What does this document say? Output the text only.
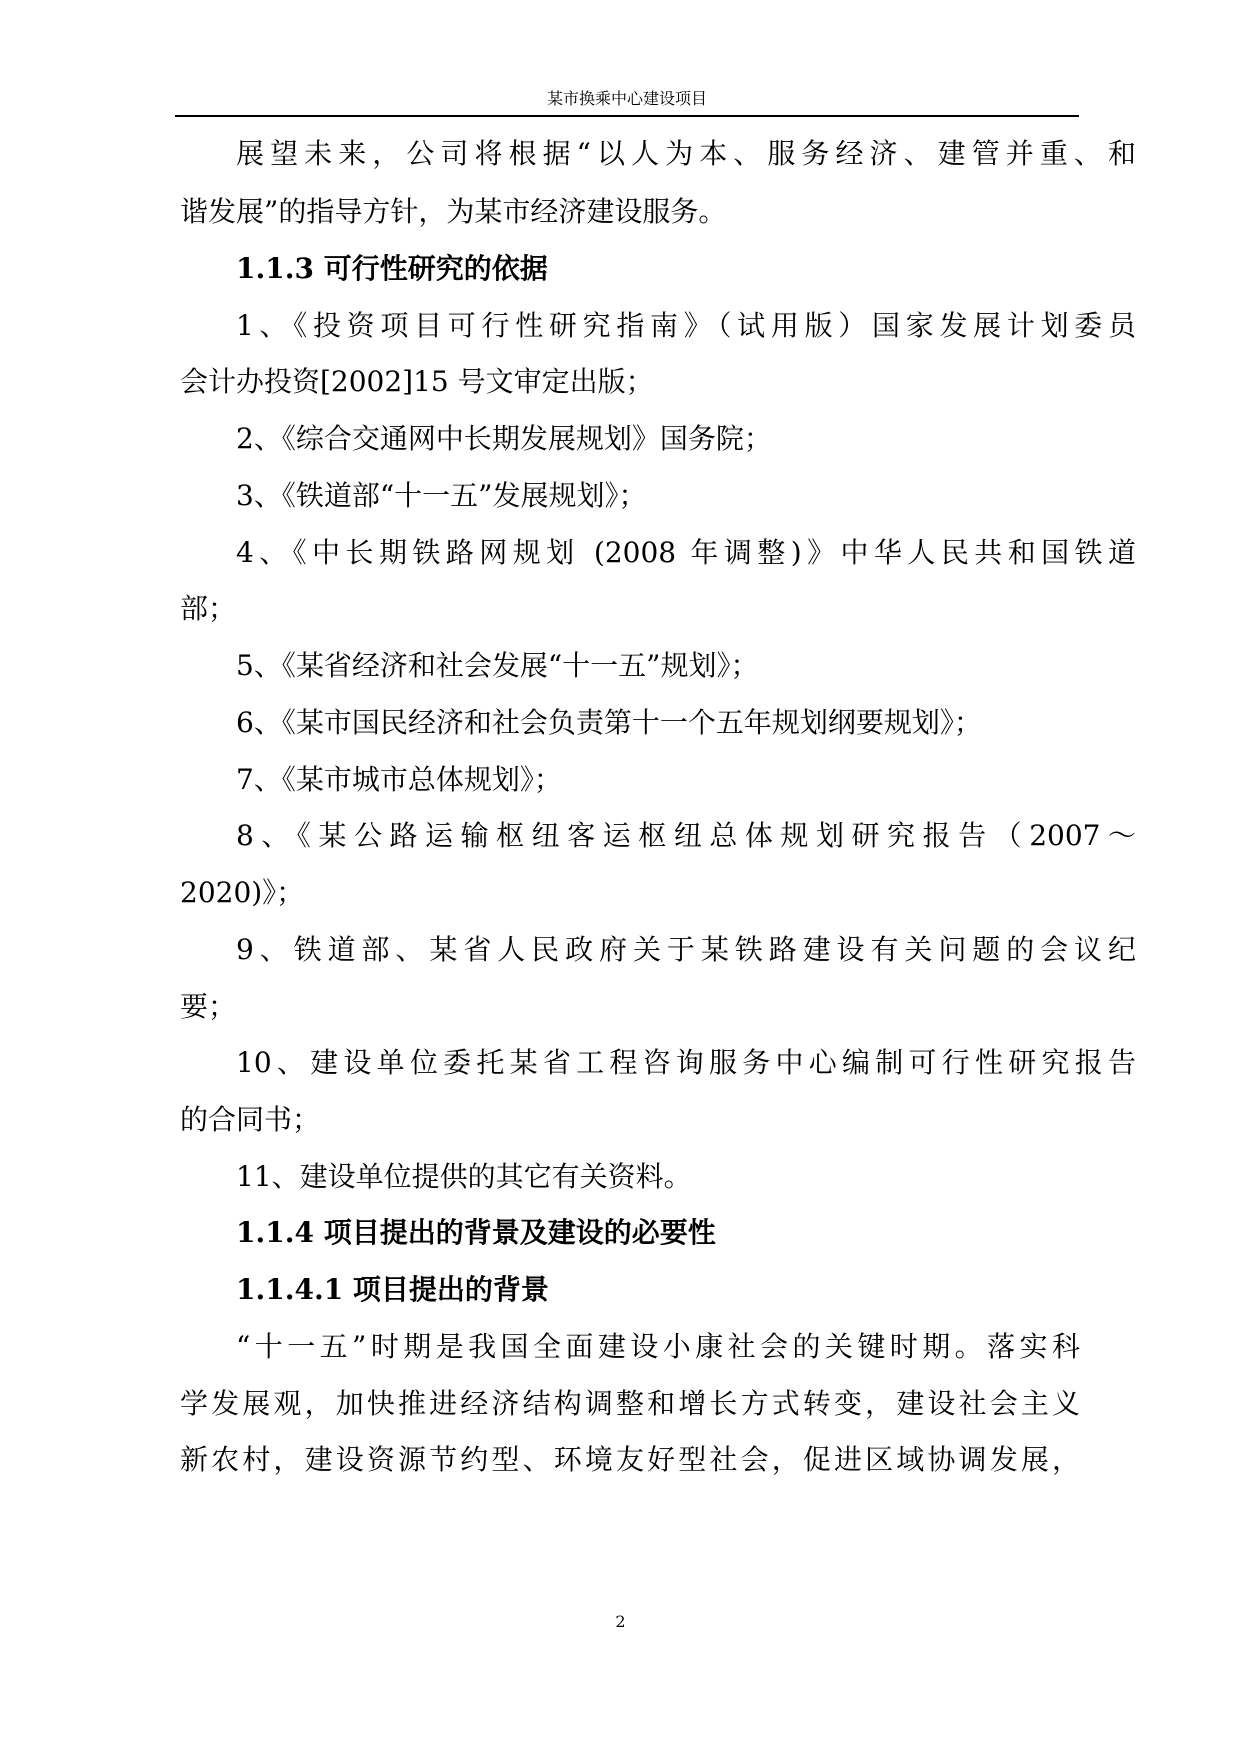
某市换乘中心建设项目
展望未来，公司将根据“以人为本、服务经济、建管并重、和
谐发展”的指导方针，为某市经济建设服务。
1.1.3 可行性研究的依据
1、《投资项目可行性研究指南》（试用版）国家发展计划委员
会计办投资[2002]15 号文审定出版；
2、《综合交通网中长期发展规划》国务院；
3、《铁道部“十一五”发展规划》；
4、《中长期铁路网规划 (2008 年调整)》中华人民共和国铁道
部；
5、《某省经济和社会发展“十一五”规划》；
6、《某市国民经济和社会负责第十一个五年规划纲要规划》；
7、《某市城市总体规划》；
8、《某公路运输枢纽客运枢纽总体规划研究报告（2007～
2020)》；
9、铁道部、某省人民政府关于某铁路建设有关问题的会议纪
要；
10、建设单位委托某省工程咨询服务中心编制可行性研究报告
的合同书；
11、建设单位提供的其它有关资料。
1.1.4 项目提出的背景及建设的必要性
1.1.4.1 项目提出的背景
“十一五”时期是我国全面建设小康社会的关键时期。落实科
学发展观，加快推进经济结构调整和增长方式转变，建设社会主义
新农村，建设资源节约型、环境友好型社会，促进区域协调发展，
2
